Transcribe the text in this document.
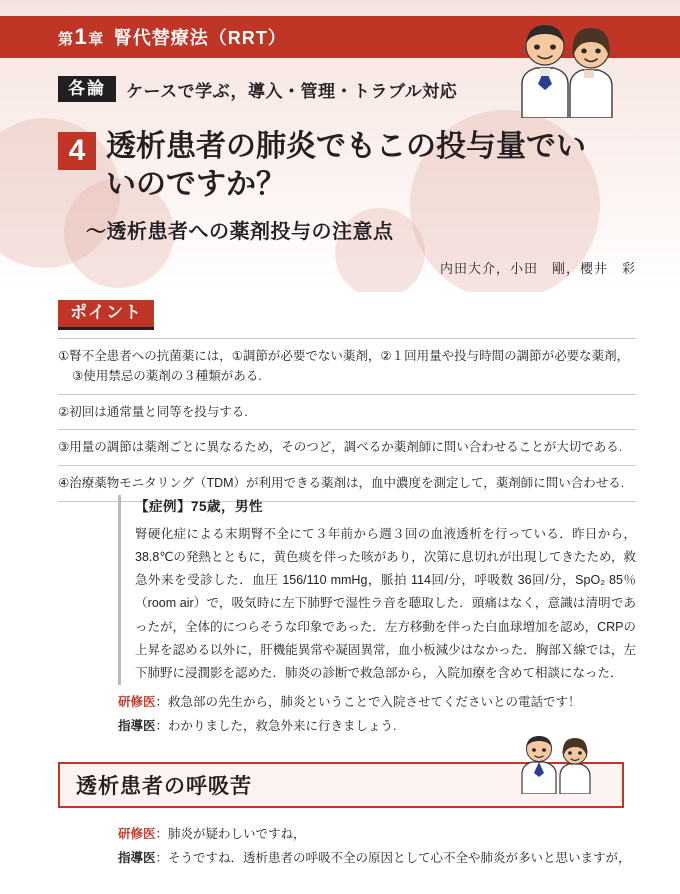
第 1 章 腎代替療法（RRT）
各論	ケースで学ぶ，導入・管理・トラブル対応
4 透析患者の肺炎でもこの投与量でいいのですか？
〜透析患者への薬剤投与の注意点
内田大介，小田　剛，櫻井　彩
ポイント
①腎不全患者への抗菌薬には，①調節が必要でない薬剤，②１回用量や投与時間の調節が必要な薬剤，
③使用禁忌の薬剤の３種類がある.
②初回は通常量と同等を投与する.
③用量の調節は薬剤ごとに異なるため，そのつど，調べるか薬剤師に問い合わせることが大切である.
④治療薬物モニタリング（TDM）が利用できる薬剤は，血中濃度を測定して，薬剤師に問い合わせる.
【症例】75歳，男性
腎硬化症による末期腎不全にて３年前から週３回の血液透析を行っている．昨日から，38.8℃の発熱とともに，黄色痰を伴った咳があり，次第に息切れが出現してきたため，救急外来を受診した．血圧 156/110 mmHg，脈拍 114回/分，呼吸数 36回/分，SpO₂ 85％（room air）で，吸気時に左下肺野で湿性ラ音を聴取した．頭痛はなく，意識は清明であったが，全体的につらそうな印象であった．左方移動を伴った白血球増加を認め，CRPの上昇を認める以外に，肝機能異常や凝固異常，血小板減少はなかった．胸部Ｘ線では，左下肺野に浸潤影を認めた．肺炎の診断で救急部から，入院加療を含めて相談になった．
研修医：救急部の先生から，肺炎ということで入院させてくださいとの電話です！
指導医：わかりました，救急外来に行きましょう.
透析患者の呼吸苦
研修医：肺炎が疑わしいですね，
指導医：そうですね．透析患者の呼吸不全の原因として心不全や肺炎が多いと思いますが，
